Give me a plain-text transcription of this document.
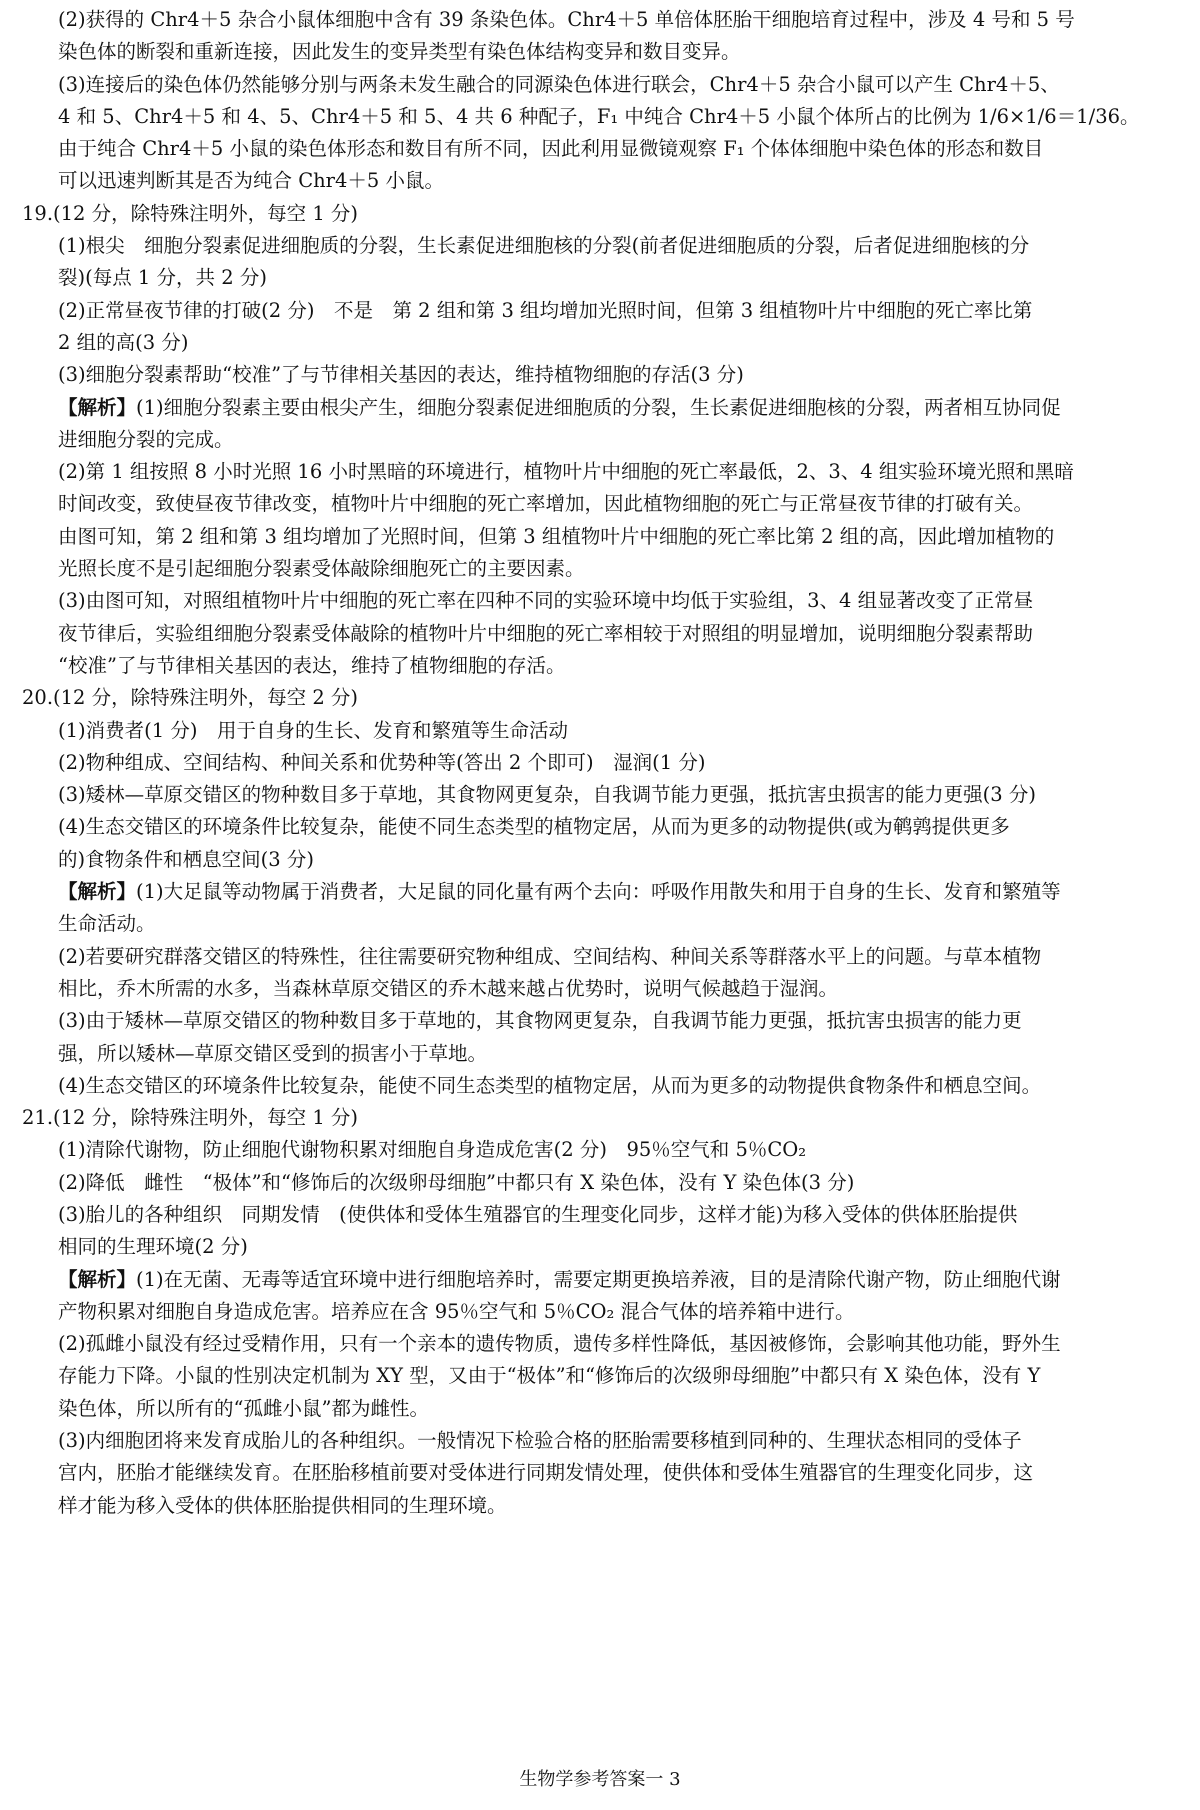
(2)获得的 Chr4＋5 杂合小鼠体细胞中含有 39 条染色体。Chr4＋5 单倍体胚胎干细胞培育过程中，涉及 4 号和 5 号
染色体的断裂和重新连接，因此发生的变异类型有染色体结构变异和数目变异。
(3)连接后的染色体仍然能够分别与两条未发生融合的同源染色体进行联会，Chr4＋5 杂合小鼠可以产生 Chr4＋5、
4 和 5、Chr4＋5 和 4、5、Chr4＋5 和 5、4 共 6 种配子，F₁ 中纯合 Chr4＋5 小鼠个体所占的比例为 1/6×1/6＝1/36。
由于纯合 Chr4＋5 小鼠的染色体形态和数目有所不同，因此利用显微镜观察 F₁ 个体体细胞中染色体的形态和数目
可以迅速判断其是否为纯合 Chr4＋5 小鼠。
19.(12 分，除特殊注明外，每空 1 分)
(1)根尖　细胞分裂素促进细胞质的分裂，生长素促进细胞核的分裂(前者促进细胞质的分裂，后者促进细胞核的分
裂)(每点 1 分，共 2 分)
(2)正常昼夜节律的打破(2 分)　不是　第 2 组和第 3 组均增加光照时间，但第 3 组植物叶片中细胞的死亡率比第
2 组的高(3 分)
(3)细胞分裂素帮助“校准”了与节律相关基因的表达，维持植物细胞的存活(3 分)
【解析】(1)细胞分裂素主要由根尖产生，细胞分裂素促进细胞质的分裂，生长素促进细胞核的分裂，两者相互协同促
进细胞分裂的完成。
(2)第 1 组按照 8 小时光照 16 小时黑暗的环境进行，植物叶片中细胞的死亡率最低，2、3、4 组实验环境光照和黑暗
时间改变，致使昼夜节律改变，植物叶片中细胞的死亡率增加，因此植物细胞的死亡与正常昼夜节律的打破有关。
由图可知，第 2 组和第 3 组均增加了光照时间，但第 3 组植物叶片中细胞的死亡率比第 2 组的高，因此增加植物的
光照长度不是引起细胞分裂素受体敲除细胞死亡的主要因素。
(3)由图可知，对照组植物叶片中细胞的死亡率在四种不同的实验环境中均低于实验组，3、4 组显著改变了正常昼
夜节律后，实验组细胞分裂素受体敲除的植物叶片中细胞的死亡率相较于对照组的明显增加，说明细胞分裂素帮助
“校准”了与节律相关基因的表达，维持了植物细胞的存活。
20.(12 分，除特殊注明外，每空 2 分)
(1)消费者(1 分)　用于自身的生长、发育和繁殖等生命活动
(2)物种组成、空间结构、种间关系和优势种等(答出 2 个即可)　湿润(1 分)
(3)矮林—草原交错区的物种数目多于草地，其食物网更复杂，自我调节能力更强，抵抗害虫损害的能力更强(3 分)
(4)生态交错区的环境条件比较复杂，能使不同生态类型的植物定居，从而为更多的动物提供(或为鹌鹑提供更多
的)食物条件和栖息空间(3 分)
【解析】(1)大足鼠等动物属于消费者，大足鼠的同化量有两个去向：呼吸作用散失和用于自身的生长、发育和繁殖等
生命活动。
(2)若要研究群落交错区的特殊性，往往需要研究物种组成、空间结构、种间关系等群落水平上的问题。与草本植物
相比，乔木所需的水多，当森林草原交错区的乔木越来越占优势时，说明气候越趋于湿润。
(3)由于矮林—草原交错区的物种数目多于草地的，其食物网更复杂，自我调节能力更强，抵抗害虫损害的能力更
强，所以矮林—草原交错区受到的损害小于草地。
(4)生态交错区的环境条件比较复杂，能使不同生态类型的植物定居，从而为更多的动物提供食物条件和栖息空间。
21.(12 分，除特殊注明外，每空 1 分)
(1)清除代谢物，防止细胞代谢物积累对细胞自身造成危害(2 分)　95％空气和 5％CO₂
(2)降低　雌性　“极体”和“修饰后的次级卵母细胞”中都只有 X 染色体，没有 Y 染色体(3 分)
(3)胎儿的各种组织　同期发情　(使供体和受体生殖器官的生理变化同步，这样才能)为移入受体的供体胚胎提供
相同的生理环境(2 分)
【解析】(1)在无菌、无毒等适宜环境中进行细胞培养时，需要定期更换培养液，目的是清除代谢产物，防止细胞代谢
产物积累对细胞自身造成危害。培养应在含 95％空气和 5％CO₂ 混合气体的培养箱中进行。
(2)孤雌小鼠没有经过受精作用，只有一个亲本的遗传物质，遗传多样性降低，基因被修饰，会影响其他功能，野外生
存能力下降。小鼠的性别决定机制为 XY 型，又由于“极体”和“修饰后的次级卵母细胞”中都只有 X 染色体，没有 Y
染色体，所以所有的“孤雌小鼠”都为雌性。
(3)内细胞团将来发育成胎儿的各种组织。一般情况下检验合格的胚胎需要移植到同种的、生理状态相同的受体子
宫内，胚胎才能继续发育。在胚胎移植前要对受体进行同期发情处理，使供体和受体生殖器官的生理变化同步，这
样才能为移入受体的供体胚胎提供相同的生理环境。
生物学参考答案一 3
